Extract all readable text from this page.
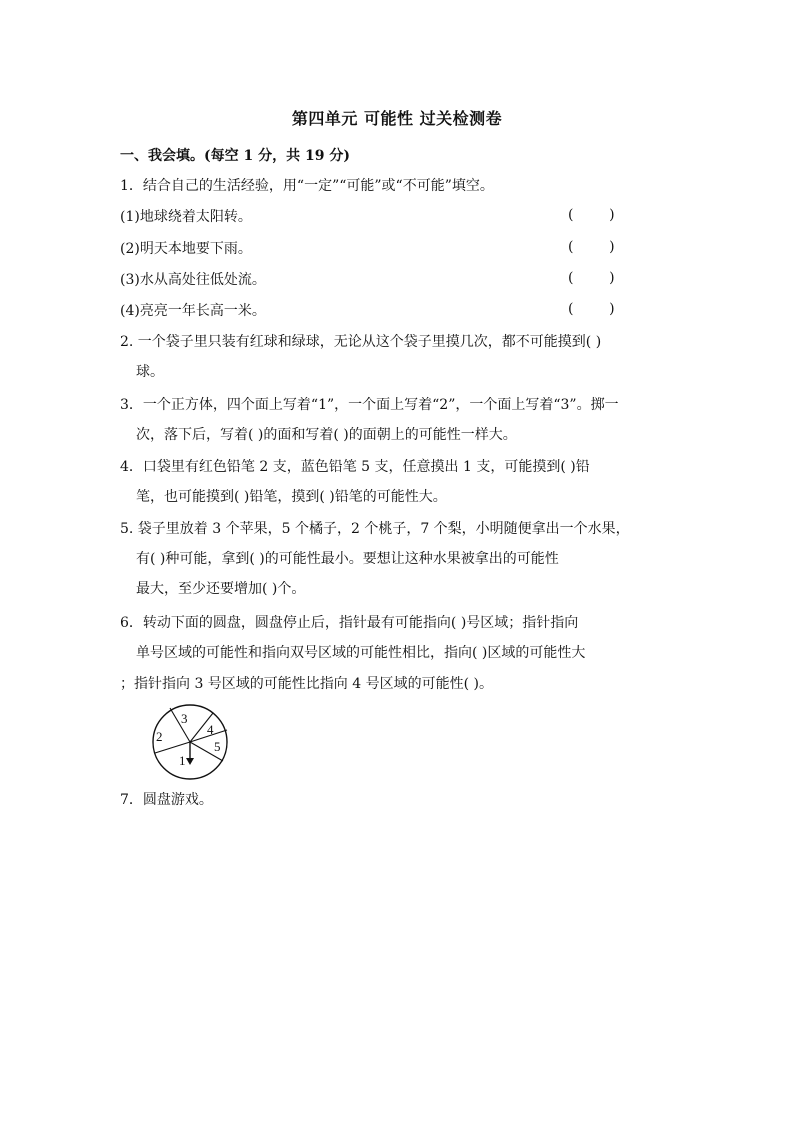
第四单元 可能性 过关检测卷
一、我会填。(每空 1 分，共 19 分)
1．结合自己的生活经验，用“一定”“可能”或“不可能”填空。
(1)地球绕着太阳转。	(        )
(2)明天本地要下雨。	(        )
(3)水从高处往低处流。	(        )
(4)亮亮一年长高一米。	(        )
2. 一个袋子里只装有红球和绿球，无论从这个袋子里摸几次，都不可能摸到( )
球。
3．一个正方体，四个面上写着“1”，一个面上写着“2”，一个面上写着“3”。掷一
次，落下后，写着( )的面和写着( )的面朝上的可能性一样大。
4．口袋里有红色铅笔 2 支，蓝色铅笔 5 支，任意摸出 1 支，可能摸到( )铅
笔，也可能摸到( )铅笔，摸到( )铅笔的可能性大。
5. 袋子里放着 3 个苹果，5 个橘子，2 个桃子，7 个梨，小明随便拿出一个水果，
有( )种可能，拿到( )的可能性最小。要想让这种水果被拿出的可能性
最大，至少还要增加( )个。
6．转动下面的圆盘，圆盘停止后，指针最有可能指向( )号区域；指针指向
单号区域的可能性和指向双号区域的可能性相比，指向( )区域的可能性大
；指针指向 3 号区域的可能性比指向 4 号区域的可能性( )。
1
2
3
4
5
7．圆盘游戏。
